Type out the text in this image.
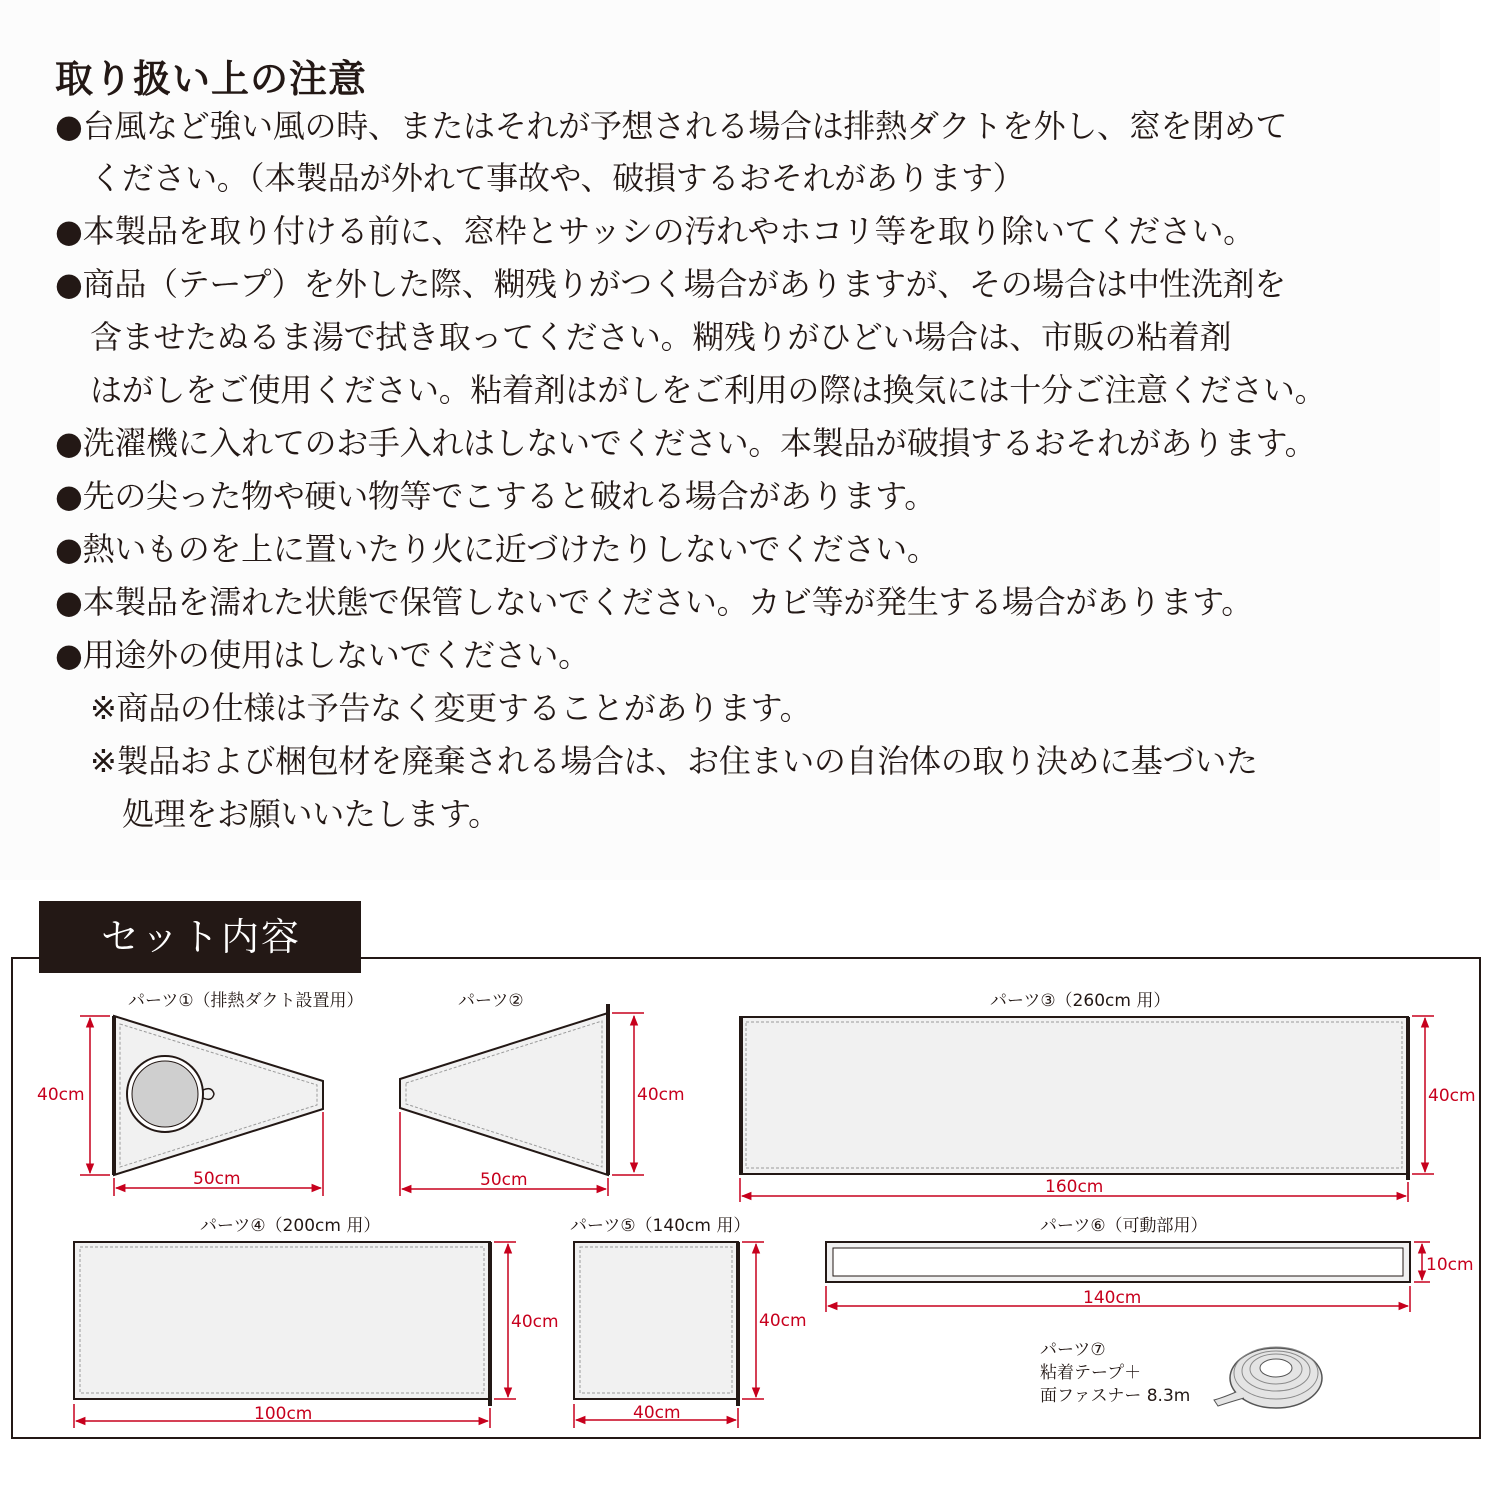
取り扱い上の注意
●台風など強い風の時、またはそれが予想される場合は排熱ダクトを外し、窓を閉めて
ください。（本製品が外れて事故や、破損するおそれがあります）
●本製品を取り付ける前に、窓枠とサッシの汚れやホコリ等を取り除いてください。
●商品（テープ）を外した際、糊残りがつく場合がありますが、その場合は中性洗剤を
含ませたぬるま湯で拭き取ってください。糊残りがひどい場合は、市販の粘着剤
はがしをご使用ください。粘着剤はがしをご利用の際は換気には十分ご注意ください。
●洗濯機に入れてのお手入れはしないでください。本製品が破損するおそれがあります。
●先の尖った物や硬い物等でこすると破れる場合があります。
●熱いものを上に置いたり火に近づけたりしないでください。
●本製品を濡れた状態で保管しないでください。カビ等が発生する場合があります。
●用途外の使用はしないでください。
※商品の仕様は予告なく変更することがあります。
※製品および梱包材を廃棄される場合は、お住まいの自治体の取り決めに基づいた
処理をお願いいたします。
セット内容
パーツ①（排熱ダクト設置用）
40cm
50cm
パーツ②
40cm
50cm
パーツ③（260cm 用）
40cm
160cm
パーツ④（200cm 用）
40cm
100cm
パーツ⑤（140cm 用）
40cm
40cm
パーツ⑥（可動部用）
10cm
140cm
パーツ⑦
粘着テープ＋
面ファスナー 8.3m
